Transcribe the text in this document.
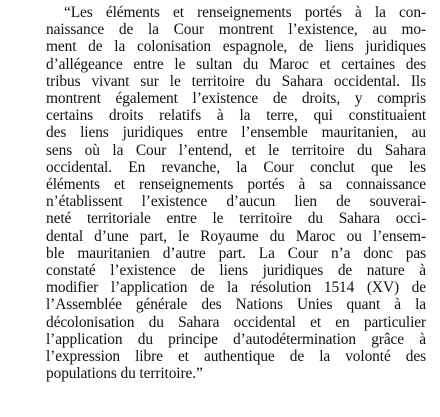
“Les éléments et renseignements portés à la con-
naissance de la Cour montrent l’existence, au mo-
ment de la colonisation espagnole, de liens juridiques
d’allégeance entre le sultan du Maroc et certaines des
tribus vivant sur le territoire du Sahara occidental. Ils
montrent également l’existence de droits, y compris
certains droits relatifs à la terre, qui constituaient
des liens juridiques entre l’ensemble mauritanien, au
sens où la Cour l’entend, et le territoire du Sahara
occidental. En revanche, la Cour conclut que les
éléments et renseignements portés à sa connaissance
n’établissent l’existence d’aucun lien de souverai-
neté territoriale entre le territoire du Sahara occi-
dental d’une part, le Royaume du Maroc ou l’ensem-
ble mauritanien d’autre part. La Cour n’a donc pas
constaté l’existence de liens juridiques de nature à
modifier l’application de la résolution 1514 (XV) de
l’Assemblée générale des Nations Unies quant à la
décolonisation du Sahara occidental et en particulier
l’application du principe d’autodétermination grâce à
l’expression libre et authentique de la volonté des
populations du territoire.”
